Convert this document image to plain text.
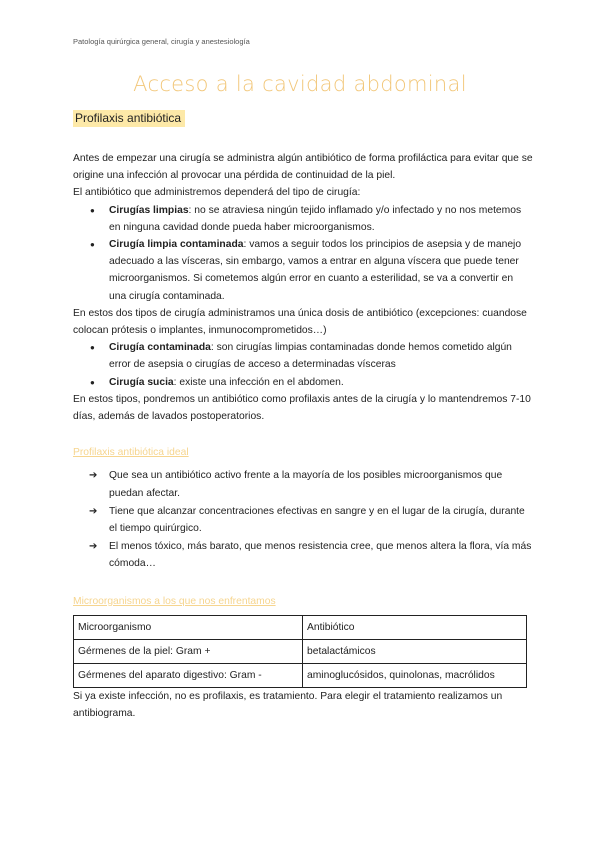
Patología quirúrgica general, cirugía y anestesiología
Acceso a la cavidad abdominal
Profilaxis antibiótica

Antes de empezar una cirugía se administra algún antibiótico de forma profiláctica para evitar que se origine una infección al provocar una pérdida de continuidad de la piel.

El antibiótico que administremos dependerá del tipo de cirugía:

● Cirugías limpias: no se atraviesa ningún tejido inflamado y/o infectado y no nos metemos en ninguna cavidad donde pueda haber microorganismos.
● Cirugía limpia contaminada: vamos a seguir todos los principios de asepsia y de manejo adecuado a las vísceras, sin embargo, vamos a entrar en alguna víscera que puede tener microorganismos. Si cometemos algún error en cuanto a esterilidad, se va a convertir en una cirugía contaminada.

En estos dos tipos de cirugía administramos una única dosis de antibiótico (excepciones: cuandose colocan prótesis o implantes, inmunocomprometidos…)

● Cirugía contaminada: son cirugías limpias contaminadas donde hemos cometido algún error de asepsia o cirugías de acceso a determinadas vísceras
● Cirugía sucia: existe una infección en el abdomen.

En estos tipos, pondremos un antibiótico como profilaxis antes de la cirugía y lo mantendremos 7-10 días, además de lavados postoperatorios.

Profilaxis antibiótica ideal

➔ Que sea un antibiótico activo frente a la mayoría de los posibles microorganismos que puedan afectar.
➔ Tiene que alcanzar concentraciones efectivas en sangre y en el lugar de la cirugía, durante el tiempo quirúrgico.
➔ El menos tóxico, más barato, que menos resistencia cree, que menos altera la flora, vía más cómoda…

Microorganismos a los que nos enfrentamos

Microorganismo	Antibiótico
Gérmenes de la piel: Gram +	betalactámicos
Gérmenes del aparato digestivo: Gram -	aminoglucósidos, quinolonas, macrólidos

Si ya existe infección, no es profilaxis, es tratamiento. Para elegir el tratamiento realizamos un antibiograma.
